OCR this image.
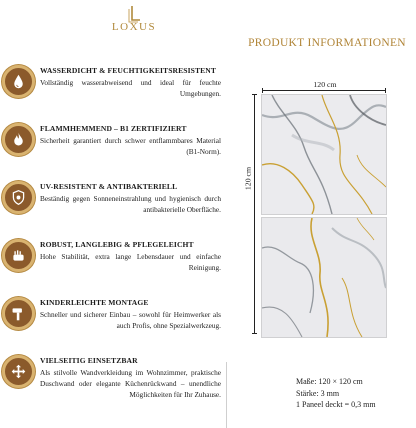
LOXUS
WASSERDICHT & FEUCHTIGKEITSRESISTENT
Vollständig wasserabweisend und ideal für feuchte Umgebungen.
FLAMMHEMMEND – B1 ZERTIFIZIERT
Sicherheit garantiert durch schwer entflammbares Material (B1-Norm).
UV-RESISTENT & ANTIBAKTERIELL
Beständig gegen Sonneneinstrahlung und hygienisch durch antibakterielle Oberfläche.
ROBUST, LANGLEBIG & PFLEGELEICHT
Hohe Stabilität, extra lange Lebensdauer und einfache Reinigung.
KINDERLEICHTE MONTAGE
Schneller und sicherer Einbau – sowohl für Heimwerker als auch Profis, ohne Spezialwerkzeug.
VIELSEITIG EINSETZBAR
Als stilvolle Wandverkleidung im Wohnzimmer, praktische Duschwand oder elegante Küchenrückwand – unendliche Möglichkeiten für Ihr Zuhause.
PRODUKT INFORMATIONEN
120 cm
120 cm
Maße: 120 × 120 cm
Stärke: 3 mm
1 Paneel deckt = 0,3 mm
